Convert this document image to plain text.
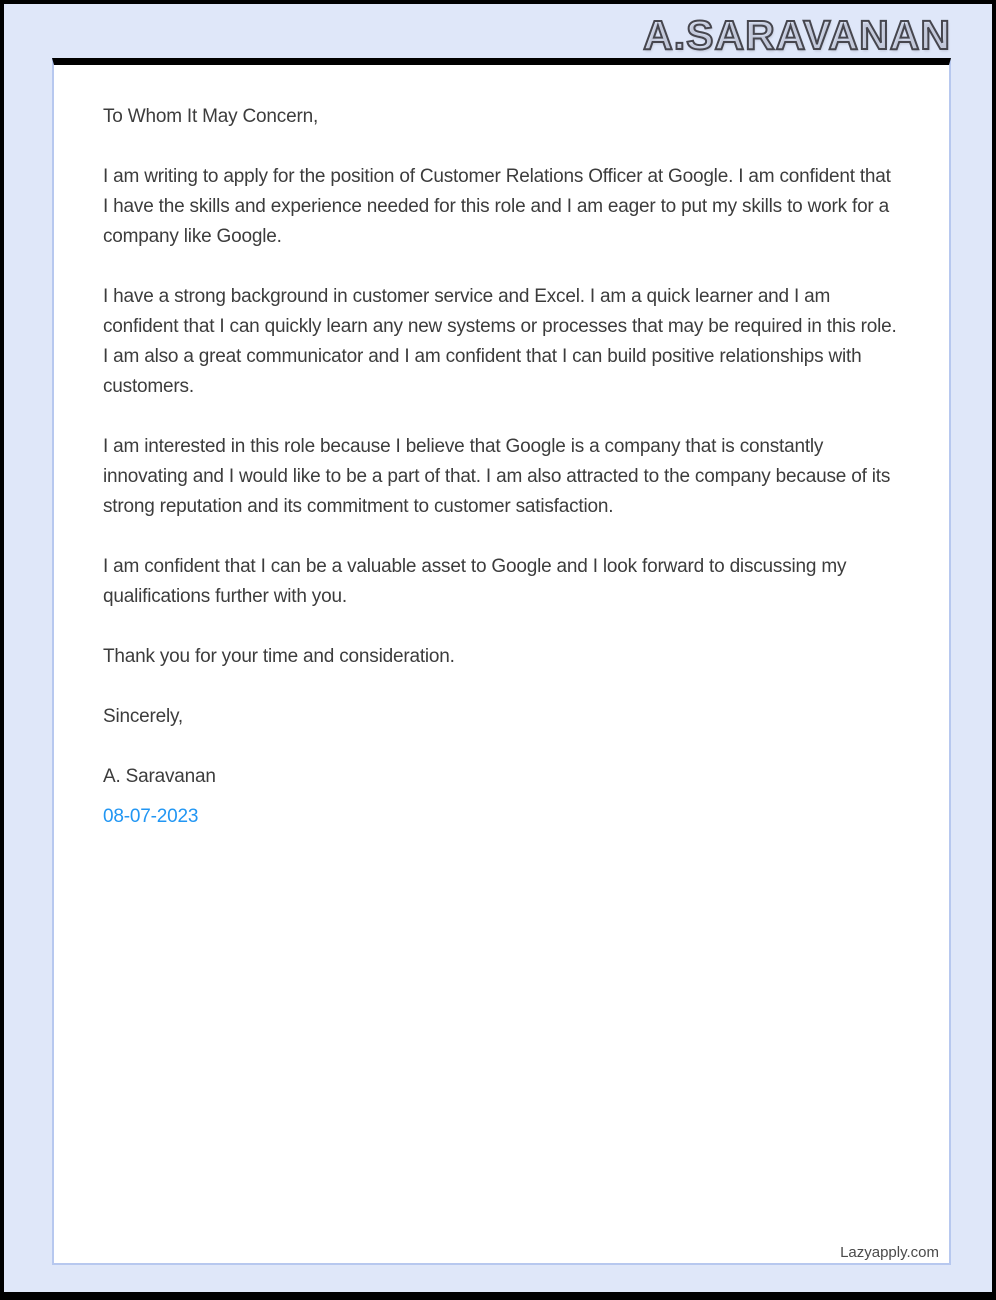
A.SARAVANAN

To Whom It May Concern,

I am writing to apply for the position of Customer Relations Officer at Google. I am confident that I have the skills and experience needed for this role and I am eager to put my skills to work for a company like Google.

I have a strong background in customer service and Excel. I am a quick learner and I am confident that I can quickly learn any new systems or processes that may be required in this role. I am also a great communicator and I am confident that I can build positive relationships with customers.

I am interested in this role because I believe that Google is a company that is constantly innovating and I would like to be a part of that. I am also attracted to the company because of its strong reputation and its commitment to customer satisfaction.

I am confident that I can be a valuable asset to Google and I look forward to discussing my qualifications further with you.

Thank you for your time and consideration.

Sincerely,

A. Saravanan

08-07-2023

Lazyapply.com
